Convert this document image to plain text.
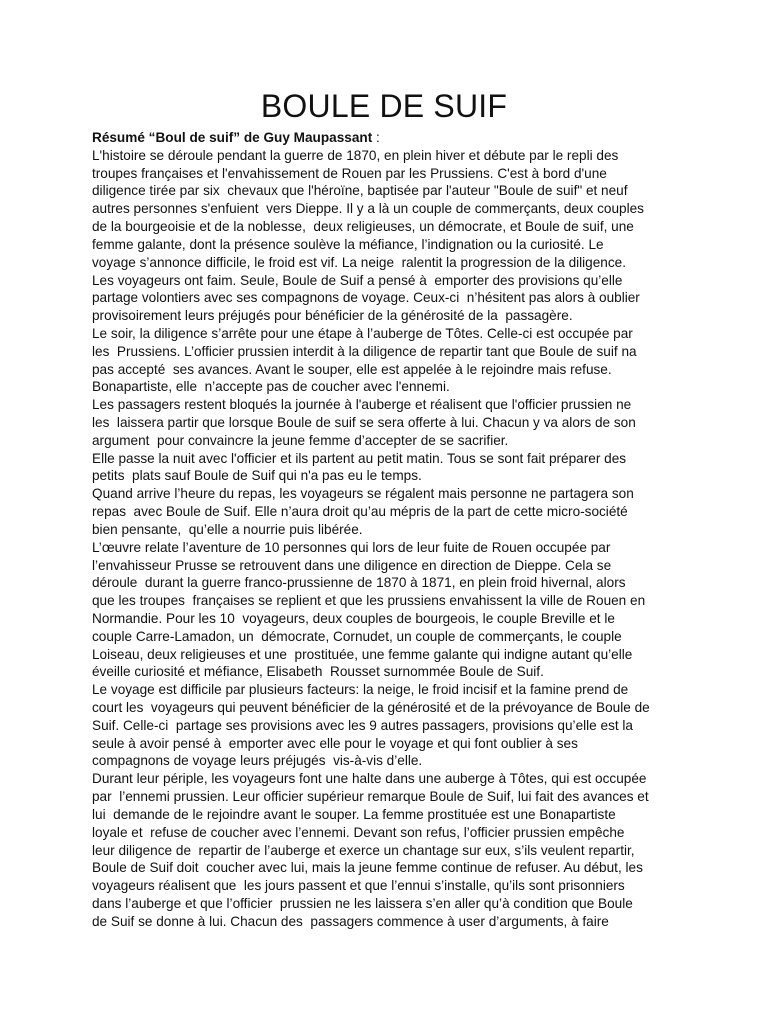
BOULE DE SUIF
Résumé “Boul de suif” de Guy Maupassant :
L'histoire se déroule pendant la guerre de 1870, en plein hiver et débute par le repli des
troupes françaises et l'envahissement de Rouen par les Prussiens. C'est à bord d'une
diligence tirée par six  chevaux que l'héroïne, baptisée par l'auteur "Boule de suif" et neuf
autres personnes s'enfuient  vers Dieppe. Il y a là un couple de commerçants, deux couples
de la bourgeoisie et de la noblesse,  deux religieuses, un démocrate, et Boule de suif, une
femme galante, dont la présence soulève la méfiance, l’indignation ou la curiosité. Le
voyage s’annonce difficile, le froid est vif. La neige  ralentit la progression de la diligence.
Les voyageurs ont faim. Seule, Boule de Suif a pensé à  emporter des provisions qu’elle
partage volontiers avec ses compagnons de voyage. Ceux-ci  n’hésitent pas alors à oublier
provisoirement leurs préjugés pour bénéficier de la générosité de la  passagère.
Le soir, la diligence s’arrête pour une étape à l’auberge de Tôtes. Celle-ci est occupée par
les  Prussiens. L’officier prussien interdit à la diligence de repartir tant que Boule de suif na
pas accepté  ses avances. Avant le souper, elle est appelée à le rejoindre mais refuse.
Bonapartiste, elle  n’accepte pas de coucher avec l'ennemi.
Les passagers restent bloqués la journée à l'auberge et réalisent que l'officier prussien ne
les  laissera partir que lorsque Boule de suif se sera offerte à lui. Chacun y va alors de son
argument  pour convaincre la jeune femme d’accepter de se sacrifier.
Elle passe la nuit avec l'officier et ils partent au petit matin. Tous se sont fait préparer des
petits  plats sauf Boule de Suif qui n'a pas eu le temps.
Quand arrive l’heure du repas, les voyageurs se régalent mais personne ne partagera son
repas  avec Boule de Suif. Elle n’aura droit qu’au mépris de la part de cette micro-société
bien pensante,  qu’elle a nourrie puis libérée.
L’œuvre relate l’aventure de 10 personnes qui lors de leur fuite de Rouen occupée par
l’envahisseur Prusse se retrouvent dans une diligence en direction de Dieppe. Cela se
déroule  durant la guerre franco-prussienne de 1870 à 1871, en plein froid hivernal, alors
que les troupes  françaises se replient et que les prussiens envahissent la ville de Rouen en
Normandie. Pour les 10  voyageurs, deux couples de bourgeois, le couple Breville et le
couple Carre-Lamadon, un  démocrate, Cornudet, un couple de commerçants, le couple
Loiseau, deux religieuses et une  prostituée, une femme galante qui indigne autant qu’elle
éveille curiosité et méfiance, Elisabeth  Rousset surnommée Boule de Suif.
Le voyage est difficile par plusieurs facteurs: la neige, le froid incisif et la famine prend de
court les  voyageurs qui peuvent bénéficier de la générosité et de la prévoyance de Boule de
Suif. Celle-ci  partage ses provisions avec les 9 autres passagers, provisions qu’elle est la
seule à avoir pensé à  emporter avec elle pour le voyage et qui font oublier à ses
compagnons de voyage leurs préjugés  vis-à-vis d’elle.
Durant leur périple, les voyageurs font une halte dans une auberge à Tôtes, qui est occupée
par  l’ennemi prussien. Leur officier supérieur remarque Boule de Suif, lui fait des avances et
lui  demande de le rejoindre avant le souper. La femme prostituée est une Bonapartiste
loyale et  refuse de coucher avec l’ennemi. Devant son refus, l’officier prussien empêche
leur diligence de  repartir de l’auberge et exerce un chantage sur eux, s’ils veulent repartir,
Boule de Suif doit  coucher avec lui, mais la jeune femme continue de refuser. Au début, les
voyageurs réalisent que  les jours passent et que l’ennui s’installe, qu’ils sont prisonniers
dans l’auberge et que l’officier  prussien ne les laissera s’en aller qu’à condition que Boule
de Suif se donne à lui. Chacun des  passagers commence à user d’arguments, à faire
